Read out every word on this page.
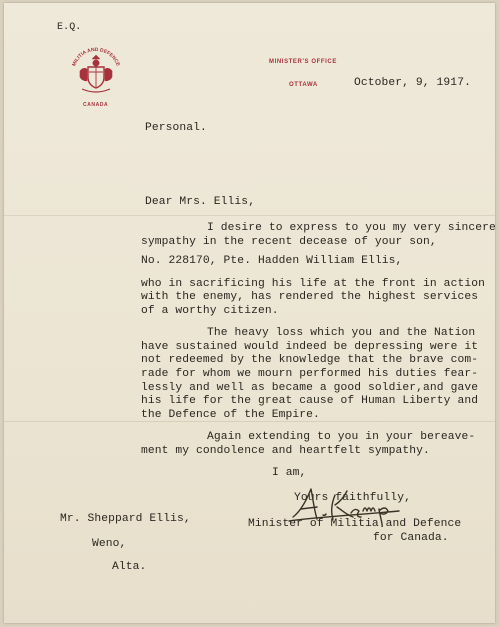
E.Q.
MILITIA AND DEFENCE
CANADA
MINISTER'S OFFICE
OTTAWA	October, 9, 1917.
Personal.
Dear Mrs. Ellis,
I desire to express to you my very sincere
sympathy in the recent decease of your son,
No. 228170, Pte. Hadden William Ellis,
who in sacrificing his life at the front in action
with the enemy, has rendered the highest services
of a worthy citizen.
The heavy loss which you and the Nation
have sustained would indeed be depressing were it
not redeemed by the knowledge that the brave com-
rade for whom we mourn performed his duties fear-
lessly and well as became a good soldier,and gave
his life for the great cause of Human Liberty and
the Defence of the Empire.
Again extending to you in your bereave-
ment my condolence and heartfelt sympathy.
I am,
Yours faithfully,
Mr. Sheppard Ellis,	Minister of Militia and Defence
for Canada.
Weno,
Alta.
